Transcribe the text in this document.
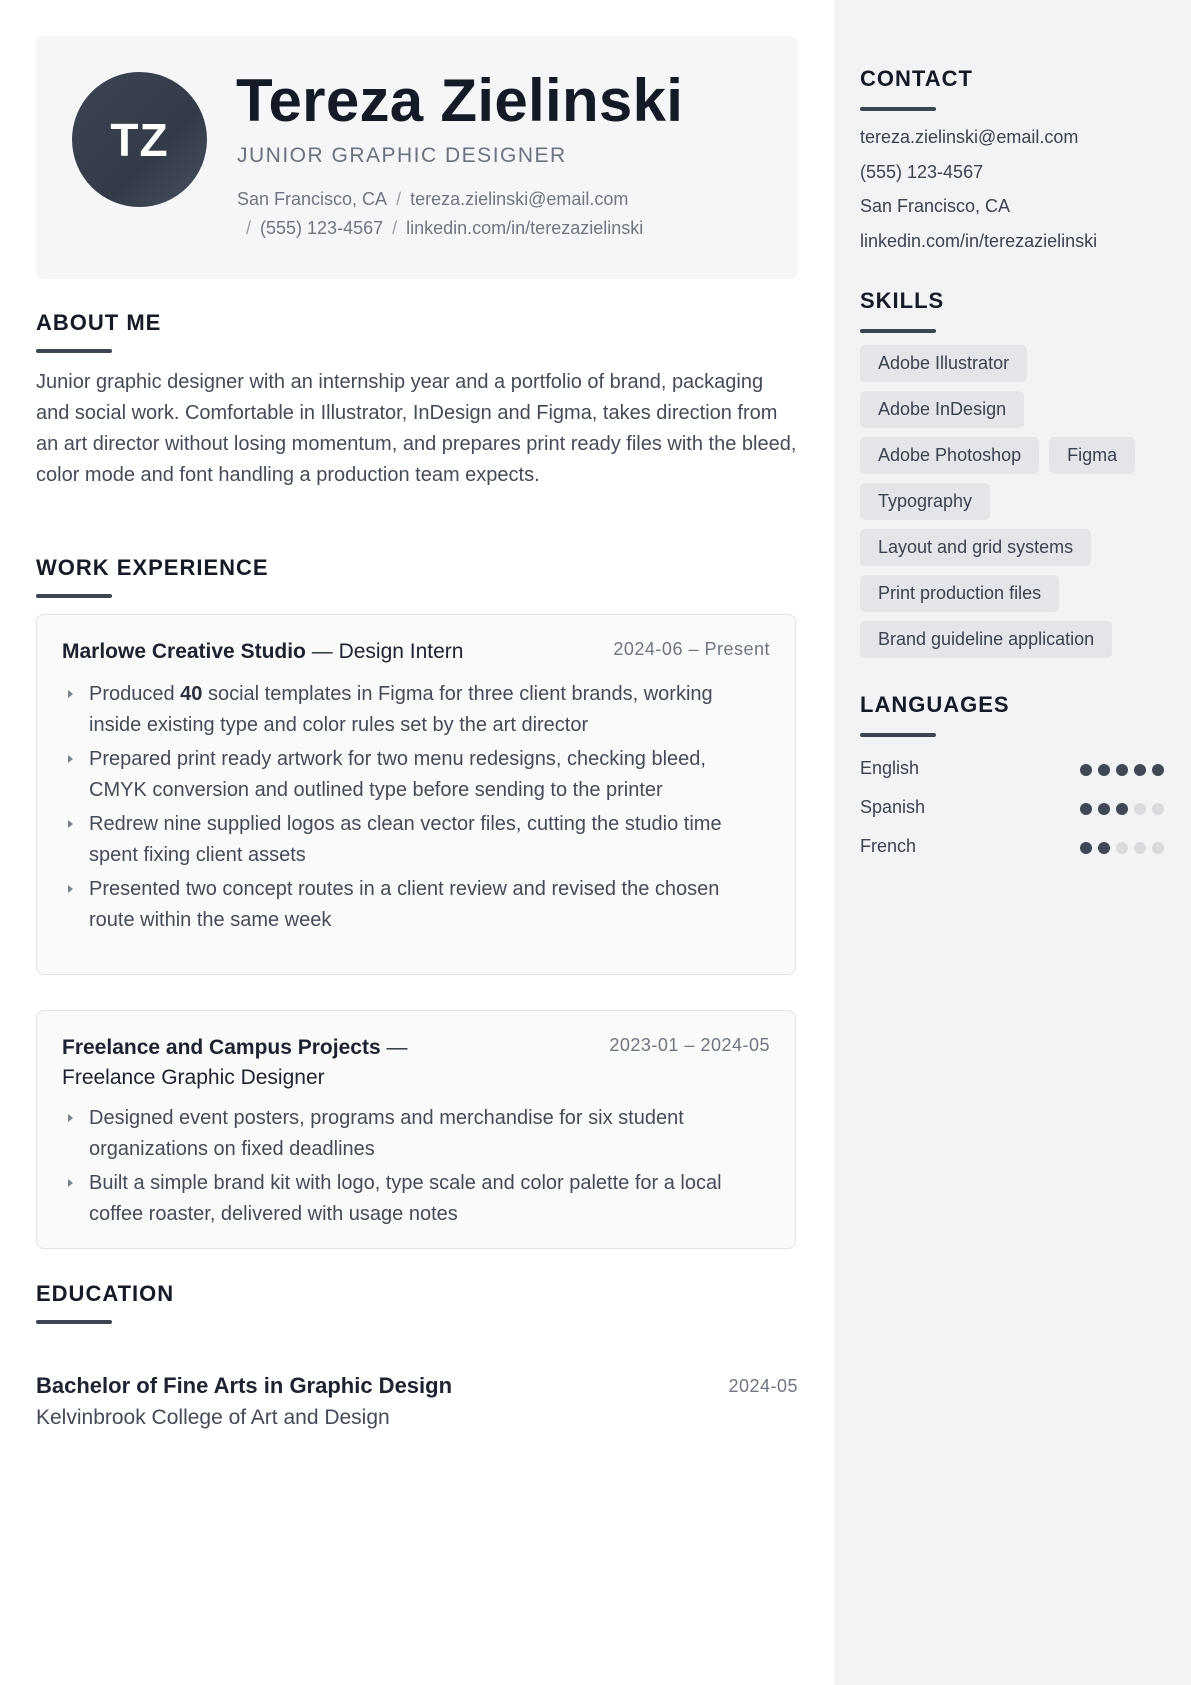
CONTACT
tereza.zielinski@email.com
(555) 123-4567
San Francisco, CA
linkedin.com/in/terezazielinski
SKILLS
Adobe Illustrator
Adobe InDesign
Adobe Photoshop	Figma
Typography
Layout and grid systems
Print production files
Brand guideline application
LANGUAGES
English
Spanish
French
TZ
Tereza Zielinski
JUNIOR GRAPHIC DESIGNER
San Francisco, CA / tereza.zielinski@email.com
/ (555) 123-4567 / linkedin.com/in/terezazielinski
ABOUT ME

Junior graphic designer with an internship year and a portfolio of brand, packaging and social work. Comfortable in Illustrator, InDesign and Figma, takes direction from an art director without losing momentum, and prepares print ready files with the bleed, color mode and font handling a production team expects.

WORK EXPERIENCE
Marlowe Creative Studio — Design Intern	2024-06 – Present
Produced 40 social templates in Figma for three client brands, working inside existing type and color rules set by the art director
Prepared print ready artwork for two menu redesigns, checking bleed, CMYK conversion and outlined type before sending to the printer
Redrew nine supplied logos as clean vector files, cutting the studio time spent fixing client assets
Presented two concept routes in a client review and revised the chosen route within the same week
Freelance and Campus Projects —
Freelance Graphic Designer
2023-01 – 2024-05
Designed event posters, programs and merchandise for six student organizations on fixed deadlines
Built a simple brand kit with logo, type scale and color palette for a local coffee roaster, delivered with usage notes
EDUCATION
Bachelor of Fine Arts in Graphic Design	2024-05
Kelvinbrook College of Art and Design
